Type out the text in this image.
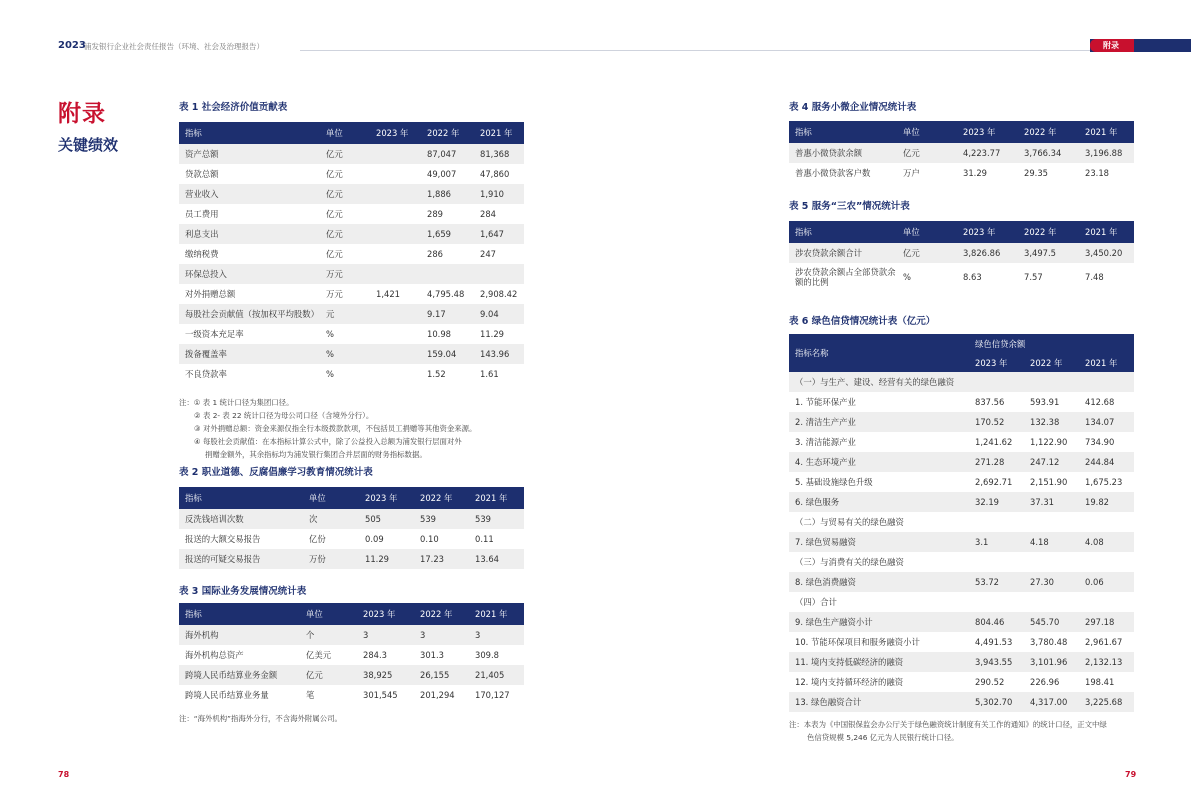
2023
浦发银行企业社会责任报告（环境、社会及治理报告）	附录
附录
关键绩效
表 1 社会经济价值贡献表
指标	单位	2023 年	2022 年	2021 年
资产总额	亿元		87,047	81,368
贷款总额	亿元		49,007	47,860
营业收入	亿元		1,886	1,910
员工费用	亿元		289	284
利息支出	亿元		1,659	1,647
缴纳税费	亿元		286	247
环保总投入	万元			
对外捐赠总额	万元	1,421	4,795.48	2,908.42
每股社会贡献值（按加权平均股数）	元		9.17	9.04
一级资本充足率	%		10.98	11.29
拨备覆盖率	%		159.04	143.96
不良贷款率	%		1.52	1.61
注：① 表 1 统计口径为集团口径。
② 表 2- 表 22 统计口径为母公司口径（含境外分行）。
③ 对外捐赠总额：资金来源仅指全行本级拨款款项，不包括员工捐赠等其他资金来源。
④ 每股社会贡献值：在本指标计算公式中，除了公益投入总额为浦发银行层面对外
捐赠金额外，其余指标均为浦发银行集团合并层面的财务指标数据。
表 2 职业道德、反腐倡廉学习教育情况统计表
指标	单位	2023 年	2022 年	2021 年
反洗钱培训次数	次	505	539	539
报送的大额交易报告	亿份	0.09	0.10	0.11
报送的可疑交易报告	万份	11.29	17.23	13.64
表 3 国际业务发展情况统计表
指标	单位	2023 年	2022 年	2021 年
海外机构	个	3	3	3
海外机构总资产	亿美元	284.3	301.3	309.8
跨境人民币结算业务金额	亿元	38,925	26,155	21,405
跨境人民币结算业务量	笔	301,545	201,294	170,127
注：“海外机构”指海外分行，不含海外附属公司。
表 4 服务小微企业情况统计表
指标	单位	2023 年	2022 年	2021 年
普惠小微贷款余额	亿元	4,223.77	3,766.34	3,196.88
普惠小微贷款客户数	万户	31.29	29.35	23.18
表 5 服务“三农”情况统计表
指标	单位	2023 年	2022 年	2021 年
涉农贷款余额合计	亿元	3,826.86	3,497.5	3,450.20
涉农贷款余额占全部贷款余额的比例	%	8.63	7.57	7.48
表 6 绿色信贷情况统计表（亿元）
指标名称	绿色信贷余额		
	2023 年	2022 年	2021 年
（一）与生产、建设、经营有关的绿色融资			
1. 节能环保产业	837.56	593.91	412.68
2. 清洁生产产业	170.52	132.38	134.07
3. 清洁能源产业	1,241.62	1,122.90	734.90
4. 生态环境产业	271.28	247.12	244.84
5. 基础设施绿色升级	2,692.71	2,151.90	1,675.23
6. 绿色服务	32.19	37.31	19.82
（二）与贸易有关的绿色融资			
7. 绿色贸易融资	3.1	4.18	4.08
（三）与消费有关的绿色融资			
8. 绿色消费融资	53.72	27.30	0.06
（四）合计			
9. 绿色生产融资小计	804.46	545.70	297.18
10. 节能环保项目和服务融资小计	4,491.53	3,780.48	2,961.67
11. 境内支持低碳经济的融资	3,943.55	3,101.96	2,132.13
12. 境内支持循环经济的融资	290.52	226.96	198.41
13. 绿色融资合计	5,302.70	4,317.00	3,225.68
注：本表为《中国银保监会办公厅关于绿色融资统计制度有关工作的通知》的统计口径，正文中绿
色信贷规模 5,246 亿元为人民银行统计口径。
78	79
